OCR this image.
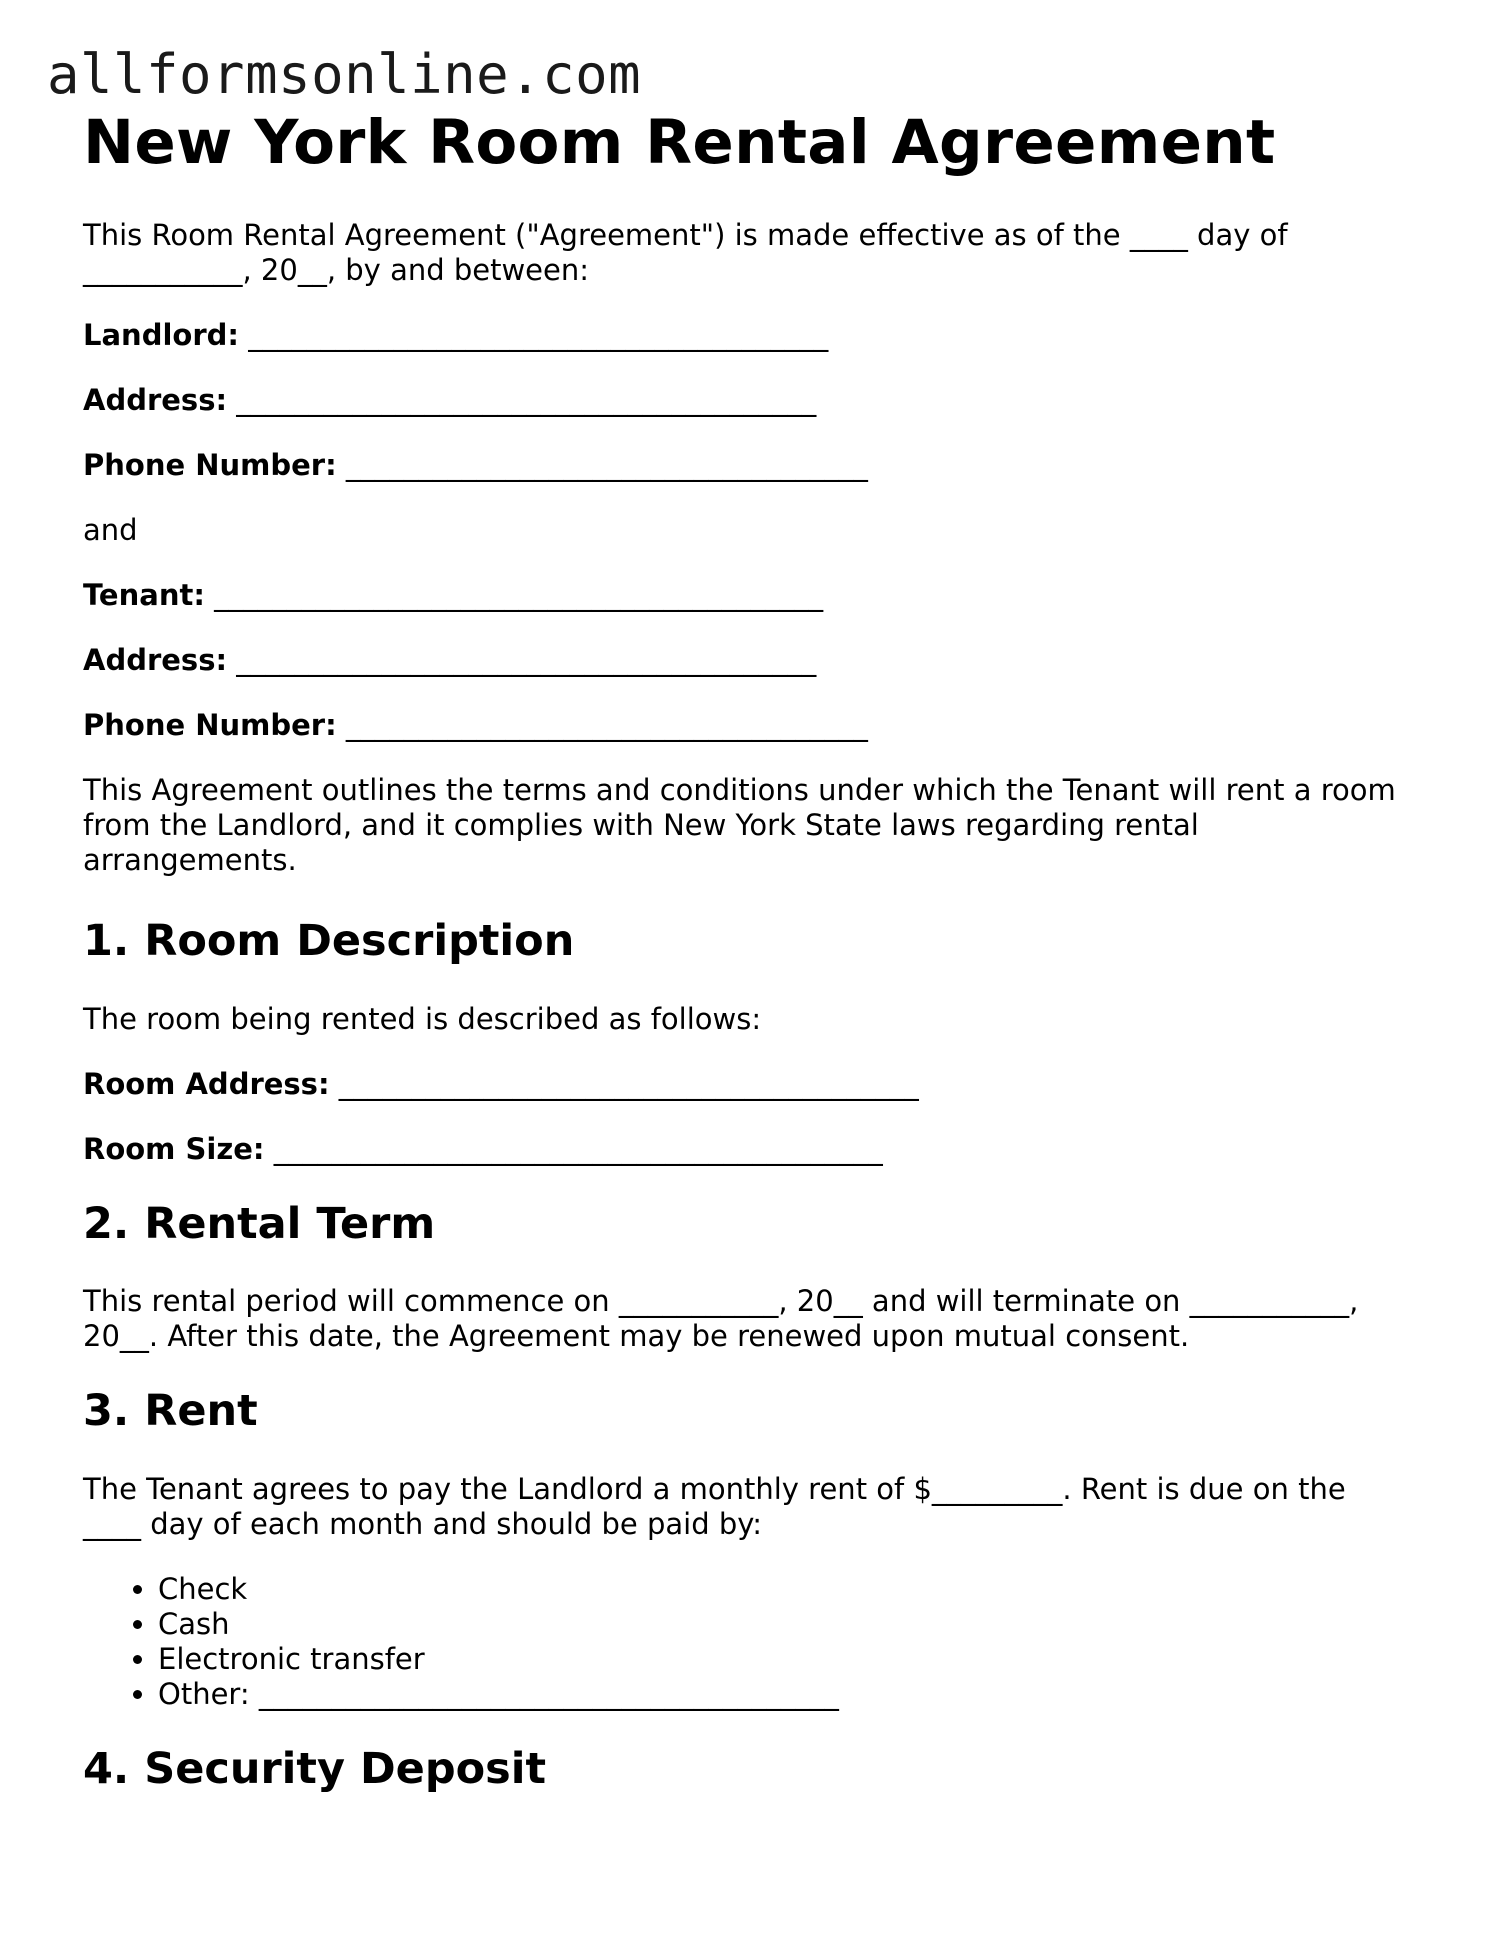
allformsonline.com
New York Room Rental Agreement

This Room Rental Agreement ("Agreement") is made effective as of the ____ day of

___________, 20__, by and between:

Landlord: ________________________________________

Address: ________________________________________

Phone Number: ____________________________________

and

Tenant: __________________________________________

Address: ________________________________________

Phone Number: ____________________________________

This Agreement outlines the terms and conditions under which the Tenant will rent a room

from the Landlord, and it complies with New York State laws regarding rental

arrangements.

1. Room Description

The room being rented is described as follows:

Room Address: ________________________________________

Room Size: __________________________________________

2. Rental Term

This rental period will commence on ___________, 20__ and will terminate on ___________,

20__. After this date, the Agreement may be renewed upon mutual consent.

3. Rent

The Tenant agrees to pay the Landlord a monthly rent of $_________. Rent is due on the

____ day of each month and should be paid by:

• Check
• Cash
• Electronic transfer
• Other: ________________________________________
4. Security Deposit
